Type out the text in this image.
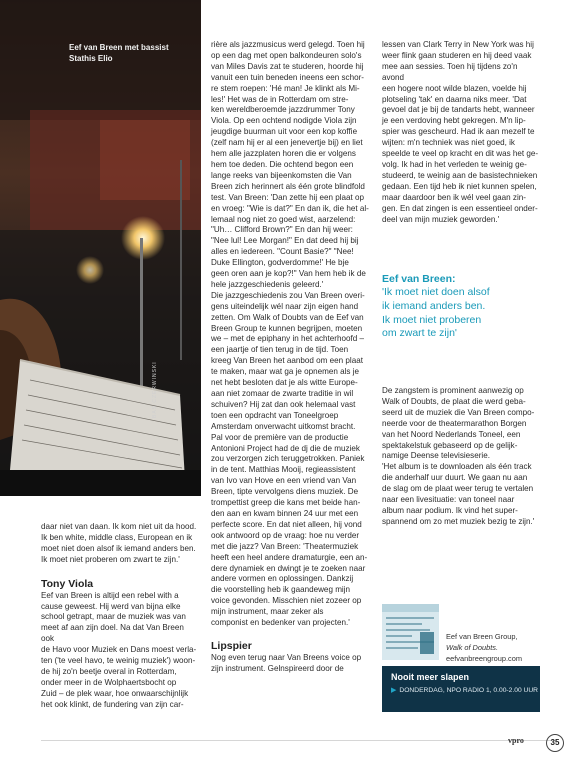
Eef van Breen met bassist Stathis Elio
BAS CZERWINSKI

daar niet van daan. Ik kom niet uit da hood.

Ik ben white, middle class, European en ik

moet niet doen alsof ik iemand anders ben.

Ik moet niet proberen om zwart te zijn.'

Tony Viola

Eef van Breen is altijd een rebel with a

cause geweest. Hij werd van bijna elke

school getrapt, maar de muziek was van

meet af aan zijn doel. Na dat Van Breen ook

de Havo voor Muziek en Dans moest verla-

ten ('te veel havo, te weinig muziek') woon-

de hij zo'n beetje overal in Rotterdam,

onder meer in de Wolphaertsbocht op

Zuid – de plek waar, hoe onwaarschijnlijk

het ook klinkt, de fundering van zijn car-

rière als jazzmusicus werd gelegd. Toen hij

op een dag met open balkondeuren solo's

van Miles Davis zat te studeren, hoorde hij

vanuit een tuin beneden ineens een schor-

re stem roepen: 'Hé man! Je klinkt als Mi-

les!' Het was de in Rotterdam om stre-

ken wereldberoemde jazzdrummer Tony

Viola. Op een ochtend nodigde Viola zijn

jeugdige buurman uit voor een kop koffie

(zelf nam hij er al een jenevertje bij) en liet

hem alle jazzplaten horen die er volgens

hem toe deden. Die ochtend begon een

lange reeks van bijeenkomsten die Van

Breen zich herinnert als één grote blindfold

test. Van Breen: 'Dan zette hij een plaat op

en vroeg: "Wie is dat?" En dan ik, die het al-

lemaal nog niet zo goed wist, aarzelend:

"Uh… Clifford Brown?" En dan hij weer:

"Nee lul! Lee Morgan!" En dat deed hij bij

alles en iedereen. "Count Basie?" "Nee!

Duke Ellington, godverdomme!' He bje

geen oren aan je kop?!" Van hem heb ik de

hele jazzgeschiedenis geleerd.'

Die jazzgeschiedenis zou Van Breen overi-

gens uiteindelijk wél naar zijn eigen hand

zetten. Om Walk of Doubts van de Eef van

Breen Group te kunnen begrijpen, moeten

we – met de epiphany in het achterhoofd –

een jaartje of tien terug in de tijd. Toen

kreeg Van Breen het aanbod om een plaat

te maken, maar wat ga je opnemen als je

net hebt besloten dat je als witte Europe-

aan niet zomaar de zwarte traditie in wil

schuiven? Hij zat dan ook helemaal vast

toen een opdracht van Toneelgroep

Amsterdam onverwacht uitkomst bracht.

Pal voor de première van de productie

Antonioni Project had de dj die de muziek

zou verzorgen zich teruggetrokken. Paniek

in de tent. Matthias Mooij, regieassistent

van Ivo van Hove en een vriend van Van

Breen, tipte vervolgens diens muziek. De

trompettist greep die kans met beide han-

den aan en kwam binnen 24 uur met een

perfecte score. En dat niet alleen, hij vond

ook antwoord op de vraag: hoe nu verder

met die jazz? Van Breen: 'Theatermuziek

heeft een heel andere dramaturgie, een an-

dere dynamiek en dwingt je te zoeken naar

andere vormen en oplossingen. Dankzij

die voorstelling heb ik gaandeweg mijn

voice gevonden. Misschien niet zozeer op

mijn instrument, maar zeker als

componist en bedenker van projecten.'

Lipspier

Nog even terug naar Van Breens voice op

zijn instrument. Gelnspireerd door de

lessen van Clark Terry in New York was hij

weer flink gaan studeren en hij deed vaak

mee aan sessies. Toen hij tijdens zo'n avond

een hogere noot wilde blazen, voelde hij

plotseling 'tak' en daarna niks meer. 'Dat

gevoel dat je bij de tandarts hebt, wanneer

je een verdoving hebt gekregen. M'n lip-

spier was gescheurd. Had ik aan mezelf te

wijten: m'n techniek was niet goed, ik

speelde te veel op kracht en dit was het ge-

volg. Ik had in het verleden te weinig ge-

studeerd, te weinig aan de basistechnieken

gedaan. Een tijd heb ik niet kunnen spelen,

maar daardoor ben ik wél veel gaan zin-

gen. En dat zingen is een essentieel onder-

deel van mijn muziek geworden.'

Eef van Breen:
'Ik moet niet doen alsof
ik iemand anders ben.
Ik moet niet proberen
om zwart te zijn'

De zangstem is prominent aanwezig op

Walk of Doubts, de plaat die werd geba-

seerd uit de muziek die Van Breen compo-

neerde voor de theatermarathon Borgen

van het Noord Nederlands Toneel, een

spektakelstuk gebaseerd op de gelijk-

namige Deense televisieserie.

'Het album is te downloaden als één track

die anderhalf uur duurt. We gaan nu aan

de slag om de plaat weer terug te vertalen

naar een livesituatie: van toneel naar

album naar podium. Ik vind het super-

spannend om zo met muziek bezig te zijn.'

Eef van Breen Group,
Walk of Doubts.
eefvanbreengroup.com
Nooit meer slapen
▶ DONDERDAG, NPO RADIO 1, 0.00-2.00 UUR
vpro	35
